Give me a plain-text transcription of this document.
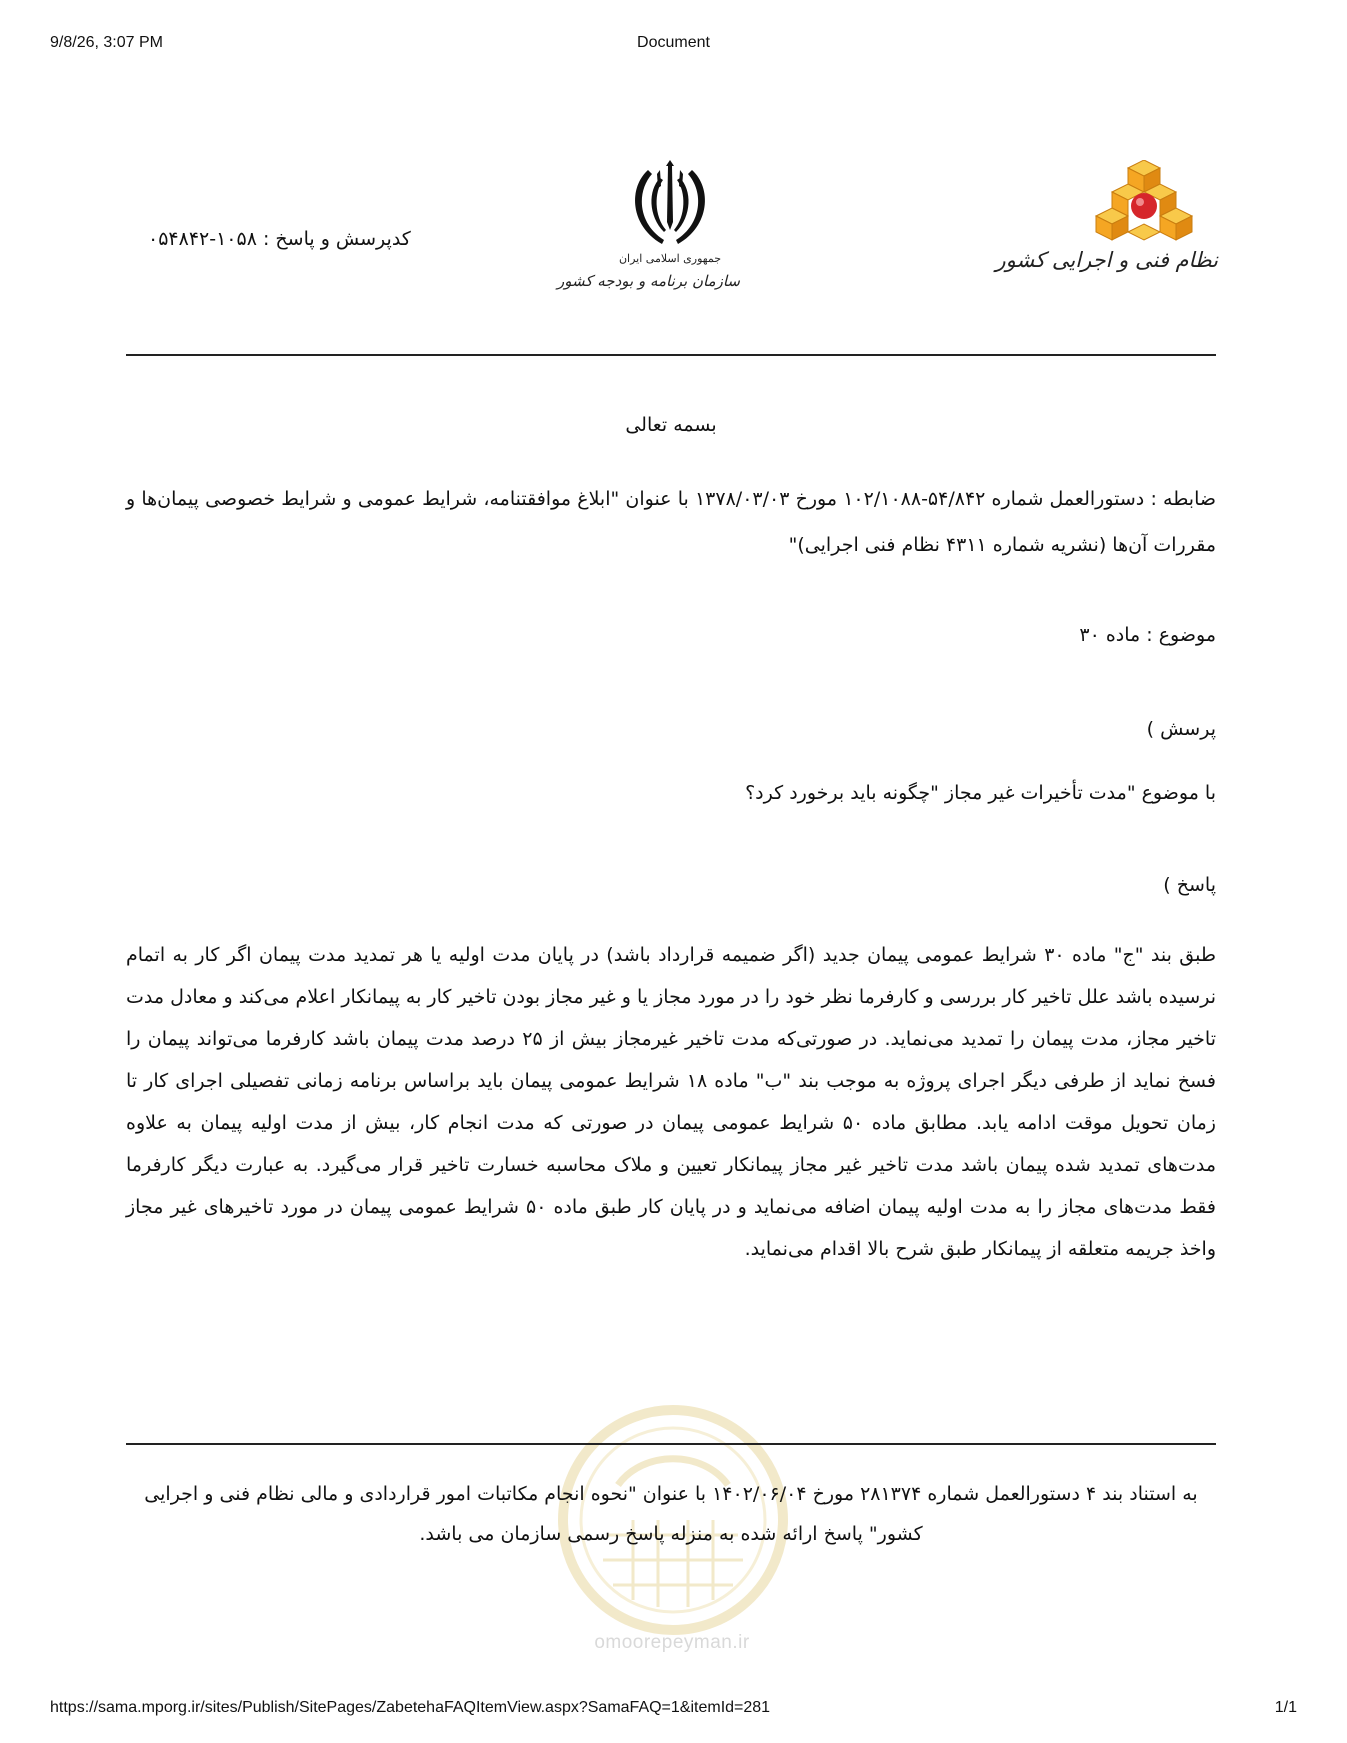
9/8/26, 3:07 PM	Document
نظام فنی و اجرایی کشور
جمهوری اسلامی ایران
سازمان برنامه و بودجه کشور
کدپرسش و پاسخ : ۱۰۵۸-۰۵۴۸۴۲
بسمه تعالی
ضابطه : دستورالعمل شماره ۵۴/۸۴۲-۱۰۲/۱۰۸۸ مورخ ۱۳۷۸/۰۳/۰۳ با عنوان "ابلاغ موافقتنامه، شرایط عمومی و شرایط خصوصی پیمان‌ها و مقررات آن‌ها (نشریه شماره ۴۳۱۱ نظام فنی اجرایی)"
موضوع : ماده ۳۰
پرسش )
با موضوع "مدت تأخیرات غیر مجاز "چگونه باید برخورد کرد؟
پاسخ )
طبق بند "ج" ماده ۳۰ شرایط عمومی پیمان جدید (اگر ضمیمه قرارداد باشد) در پایان مدت اولیه یا هر تمدید مدت پیمان اگر کار به اتمام نرسیده باشد علل تاخیر کار بررسی و کارفرما نظر خود را در مورد مجاز یا و غیر مجاز بودن تاخیر کار به پیمانکار اعلام می‌کند و معادل مدت تاخیر مجاز، مدت پیمان را تمدید می‌نماید. در صورتی‌که مدت تاخیر غیرمجاز بیش از ۲۵ درصد مدت پیمان باشد کارفرما می‌تواند پیمان را فسخ نماید از طرفی دیگر اجرای پروژه به موجب بند "ب" ماده ۱۸ شرایط عمومی پیمان باید براساس برنامه زمانی تفصیلی اجرای کار تا زمان تحویل موقت ادامه یابد. مطابق ماده ۵۰ شرایط عمومی پیمان در صورتی که مدت انجام کار، بیش از مدت اولیه پیمان به علاوه مدت‌های تمدید شده پیمان باشد مدت تاخیر غیر مجاز پیمانکار تعیین و ملاک محاسبه خسارت تاخیر قرار می‌گیرد. به عبارت دیگر کارفرما فقط مدت‌های مجاز را به مدت اولیه پیمان اضافه می‌نماید و در پایان کار طبق ماده ۵۰ شرایط عمومی پیمان در مورد تاخیرهای غیر مجاز واخذ جریمه متعلقه از پیمانکار طبق شرح بالا اقدام می‌نماید.
omoorepeyman.ir
به استناد بند ۴ دستورالعمل شماره ۲۸۱۳۷۴ مورخ ۱۴۰۲/۰۶/۰۴ با عنوان "نحوه انجام مکاتبات امور قراردادی و مالی نظام فنی و اجرایی کشور" پاسخ ارائه شده به منزله پاسخ رسمی سازمان می باشد.
https://sama.mporg.ir/sites/Publish/SitePages/ZabetehaFAQItemView.aspx?SamaFAQ=1&itemId=281	1/1
